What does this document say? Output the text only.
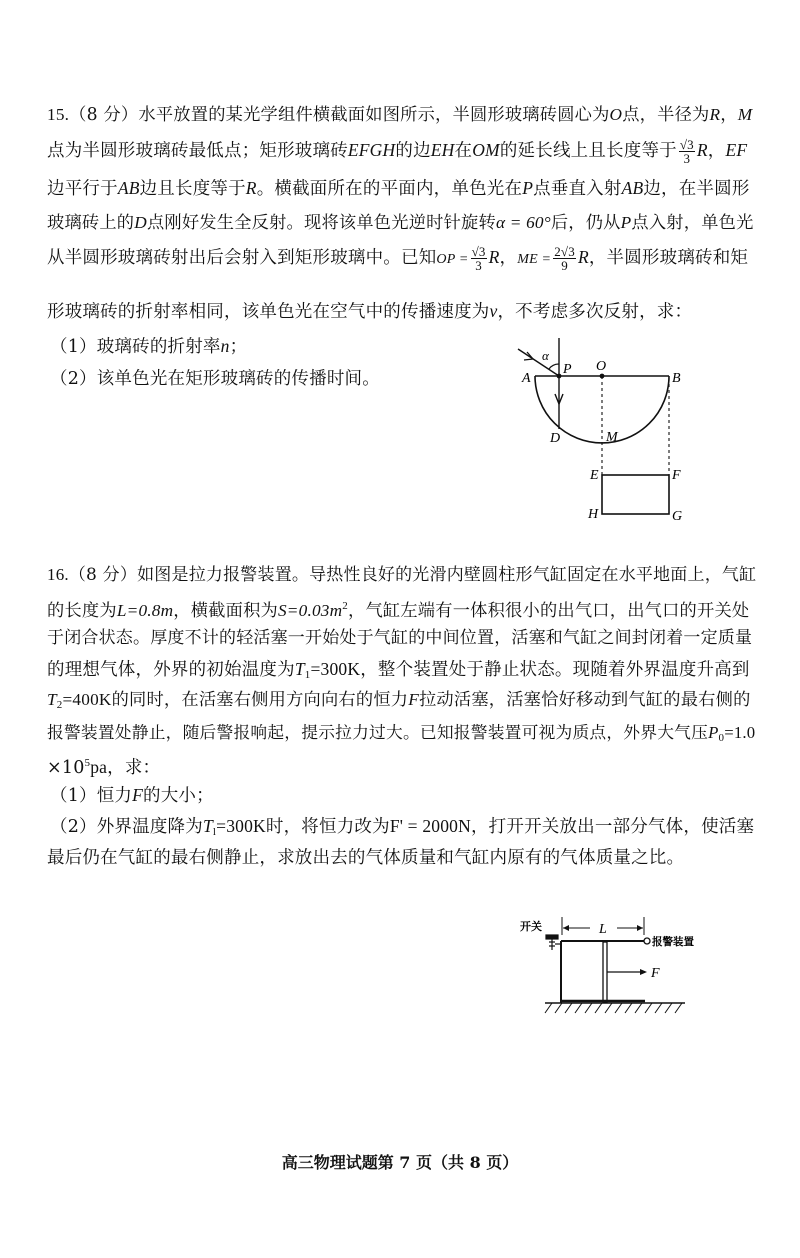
15.（8 分）水平放置的某光学组件横截面如图所示，半圆形玻璃砖圆心为O点，半径为R，M
点为半圆形玻璃砖最低点；矩形玻璃砖EFGH的边EH在OM的延长线上且长度等于 $\frac{√3}{3}$ R，EF
边平行于AB边且长度等于R。横截面所在的平面内，单色光在P点垂直入射AB边，在半圆形
玻璃砖上的D点刚好发生全反射。现将该单色光逆时针旋转α = 60°后，仍从P点入射，单色光
从半圆形玻璃砖射出后会射入到矩形玻璃中。已知OP = $\frac{√3}{3}$ R，ME = $\frac{2√3}{9}$ R，半圆形玻璃砖和矩
形玻璃砖的折射率相同，该单色光在空气中的传播速度为v，不考虑多次反射，求：
（1）玻璃砖的折射率n；
（2）该单色光在矩形玻璃砖的传播时间。
α
A
P O
B
D	M
E	F
H	G
16.（8 分）如图是拉力报警装置。导热性良好的光滑内壁圆柱形气缸固定在水平地面上，气缸
的长度为L=0.8m，横截面积为$S=0.03m^2$，气缸左端有一体积很小的出气口，出气口的开关处
于闭合状态。厚度不计的轻活塞一开始处于气缸的中间位置，活塞和气缸之间封闭着一定质量
的理想气体，外界的初始温度为$T_1=300K$，整个装置处于静止状态。现随着外界温度升高到
$T_2=400K$的同时，在活塞右侧用方向向右的恒力F拉动活塞，活塞恰好移动到气缸的最右侧的
报警装置处静止，随后警报响起，提示拉力过大。已知报警装置可视为质点，外界大气压$P_0=1.0$
$\times 10^5pa$，求：
（1）恒力F的大小；
（2）外界温度降为$T_l=300K$时，将恒力改为F' = 2000N，打开开关放出一部分气体，使活塞
最后仍在气缸的最右侧静止，求放出去的气体质量和气缸内原有的气体质量之比。
L
开关
报警装置
F
高三物理试题第 7 页（共 8 页）
